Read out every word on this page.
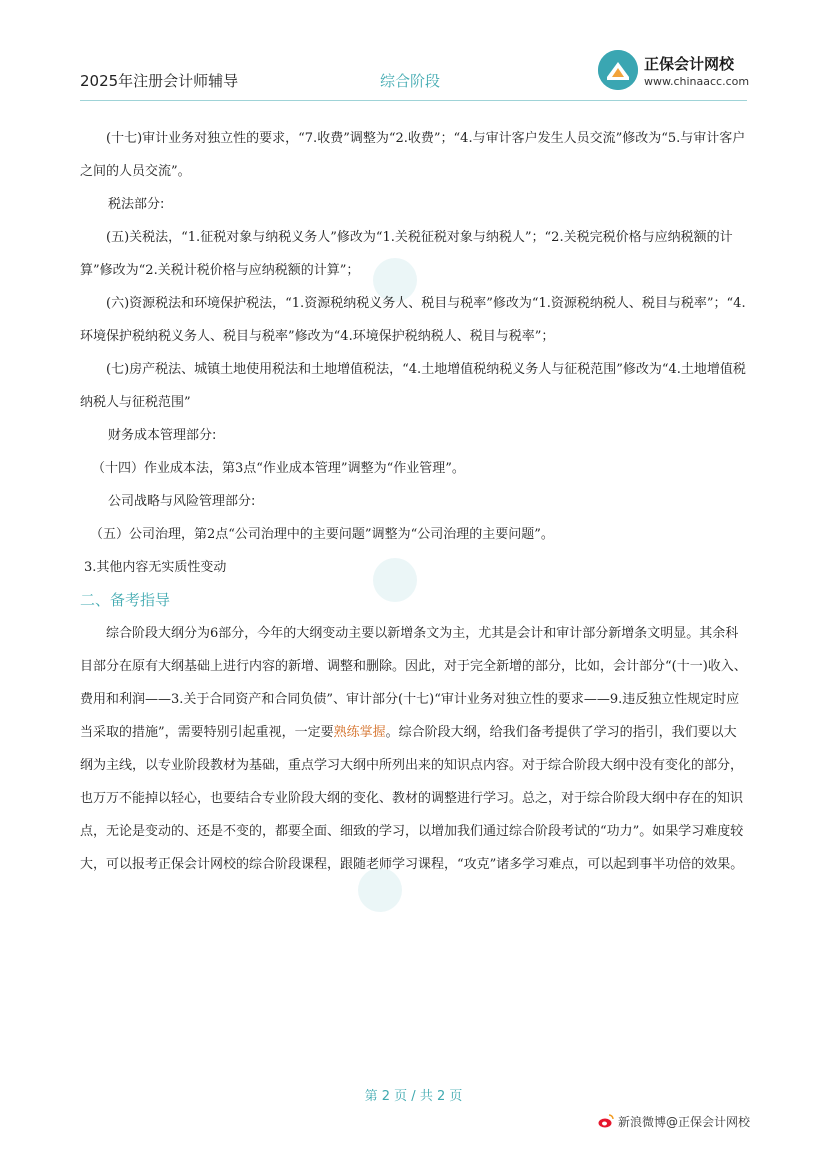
2025年注册会计师辅导	综合阶段
正保会计网校
www.chinaacc.com

(十七)审计业务对独立性的要求，“7.收费”调整为“2.收费”；“4.与审计客户发生人员交流”修改为“5.与审计客户之间的人员交流”。

税法部分:

(五)关税法，“1.征税对象与纳税义务人”修改为“1.关税征税对象与纳税人”；“2.关税完税价格与应纳税额的计算”修改为“2.关税计税价格与应纳税额的计算”；

(六)资源税法和环境保护税法，“1.资源税纳税义务人、税目与税率”修改为“1.资源税纳税人、税目与税率”；“4.环境保护税纳税义务人、税目与税率”修改为“4.环境保护税纳税人、税目与税率”；

(七)房产税法、城镇土地使用税法和土地增值税法，“4.土地增值税纳税义务人与征税范围”修改为“4.土地增值税纳税人与征税范围”

财务成本管理部分:

（十四）作业成本法，第3点“作业成本管理”调整为“作业管理”。

公司战略与风险管理部分:

（五）公司治理，第2点“公司治理中的主要问题”调整为“公司治理的主要问题”。

3.其他内容无实质性变动

二、备考指导

综合阶段大纲分为6部分，今年的大纲变动主要以新增条文为主，尤其是会计和审计部分新增条文明显。其余科目部分在原有大纲基础上进行内容的新增、调整和删除。因此，对于完全新增的部分，比如，会计部分“(十一)收入、费用和利润——3.关于合同资产和合同负债”、审计部分(十七)“审计业务对独立性的要求——9.违反独立性规定时应当采取的措施”，需要特别引起重视，一定要熟练掌握。综合阶段大纲，给我们备考提供了学习的指引，我们要以大纲为主线，以专业阶段教材为基础，重点学习大纲中所列出来的知识点内容。对于综合阶段大纲中没有变化的部分，也万万不能掉以轻心，也要结合专业阶段大纲的变化、教材的调整进行学习。总之，对于综合阶段大纲中存在的知识点，无论是变动的、还是不变的，都要全面、细致的学习，以增加我们通过综合阶段考试的“功力”。如果学习难度较大，可以报考正保会计网校的综合阶段课程，跟随老师学习课程，“攻克”诸多学习难点，可以起到事半功倍的效果。

第 2 页 / 共 2 页
新浪微博@正保会计网校
